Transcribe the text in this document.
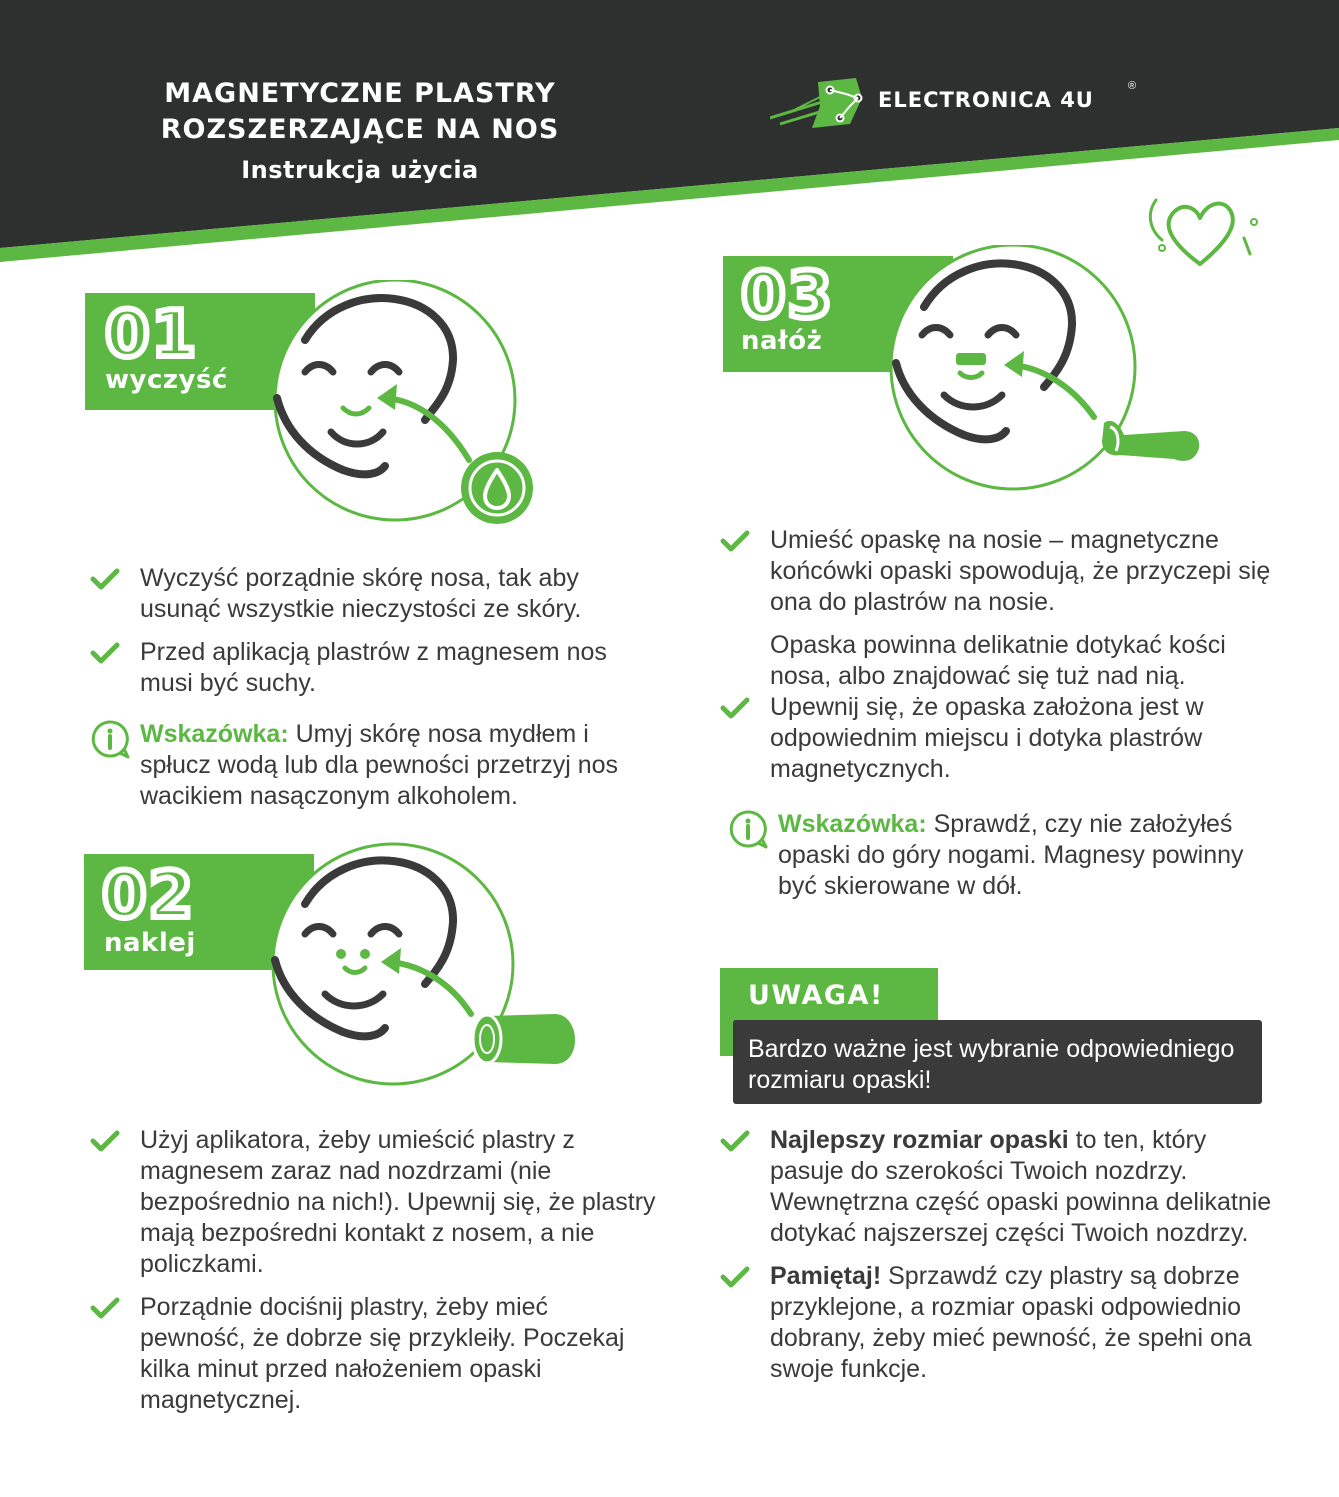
MAGNETYCZNE PLASTRY
ROZSZERZAJĄCE NA NOS
Instrukcja użycia
ELECTRONICA 4U
®
01
wyczyść
Wyczyść porządnie skórę nosa, tak aby usunąć wszystkie nieczystości ze skóry.
Przed aplikacją plastrów z magnesem nos musi być suchy.
Wskazówka: Umyj skórę nosa mydłem i spłucz wodą lub dla pewności przetrzyj nos wacikiem nasączonym alkoholem.
02
naklej
Użyj aplikatora, żeby umieścić plastry z magnesem zaraz nad nozdrzami (nie bezpośrednio na nich!). Upewnij się, że plastry mają bezpośredni kontakt z nosem, a nie policzkami.
Porządnie dociśnij plastry, żeby mieć pewność, że dobrze się przykleiły. Poczekaj kilka minut przed nałożeniem opaski magnetycznej.
03
nałóż
Umieść opaskę na nosie – magnetyczne końcówki opaski spowodują, że przyczepi się ona do plastrów na nosie.
Opaska powinna delikatnie dotykać kości nosa, albo znajdować się tuż nad nią. Upewnij się, że opaska założona jest w odpowiednim miejscu i dotyka plastrów magnetycznych.
Wskazówka: Sprawdź, czy nie założyłeś opaski do góry nogami. Magnesy powinny być skierowane w dół.
UWAGA!
Bardzo ważne jest wybranie odpowiedniego rozmiaru opaski!
Najlepszy rozmiar opaski to ten, który pasuje do szerokości Twoich nozdrzy. Wewnętrzna część opaski powinna delikatnie dotykać najszerszej części Twoich nozdrzy.
Pamiętaj! Sprzawdź czy plastry są dobrze przyklejone, a rozmiar opaski odpowiednio dobrany, żeby mieć pewność, że spełni ona swoje funkcje.
